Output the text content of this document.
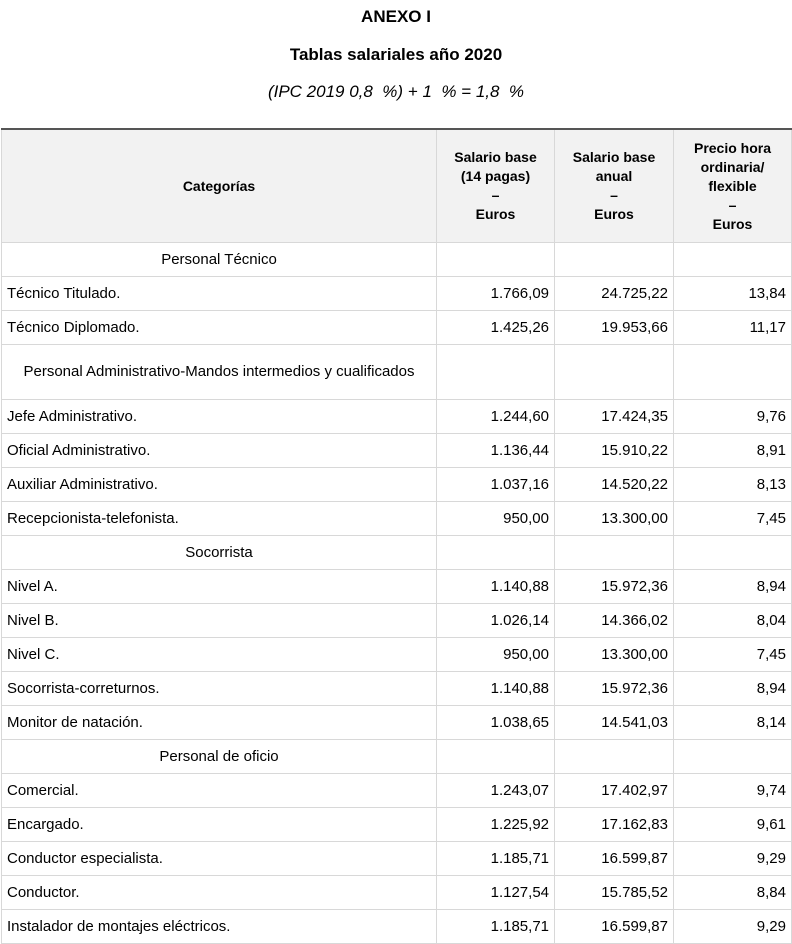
ANEXO I
Tablas salariales año 2020

(IPC 2019 0,8  %) + 1  % = 1,8  %

Categorías	Salario base
(14 pagas)
–
Euros	Salario base
anual
–
Euros	Precio hora
ordinaria/
flexible
–
Euros

Personal Técnico			
Técnico Titulado.	1.766,09	24.725,22	13,84
Técnico Diplomado.	1.425,26	19.953,66	11,17
Personal Administrativo-Mandos intermedios y cualificados			
Jefe Administrativo.	1.244,60	17.424,35	9,76
Oficial Administrativo.	1.136,44	15.910,22	8,91
Auxiliar Administrativo.	1.037,16	14.520,22	8,13
Recepcionista-telefonista.	950,00	13.300,00	7,45
Socorrista			
Nivel A.	1.140,88	15.972,36	8,94
Nivel B.	1.026,14	14.366,02	8,04
Nivel C.	950,00	13.300,00	7,45
Socorrista-correturnos.	1.140,88	15.972,36	8,94
Monitor de natación.	1.038,65	14.541,03	8,14
Personal de oficio			
Comercial.	1.243,07	17.402,97	9,74
Encargado.	1.225,92	17.162,83	9,61
Conductor especialista.	1.185,71	16.599,87	9,29
Conductor.	1.127,54	15.785,52	8,84
Instalador de montajes eléctricos.	1.185,71	16.599,87	9,29
